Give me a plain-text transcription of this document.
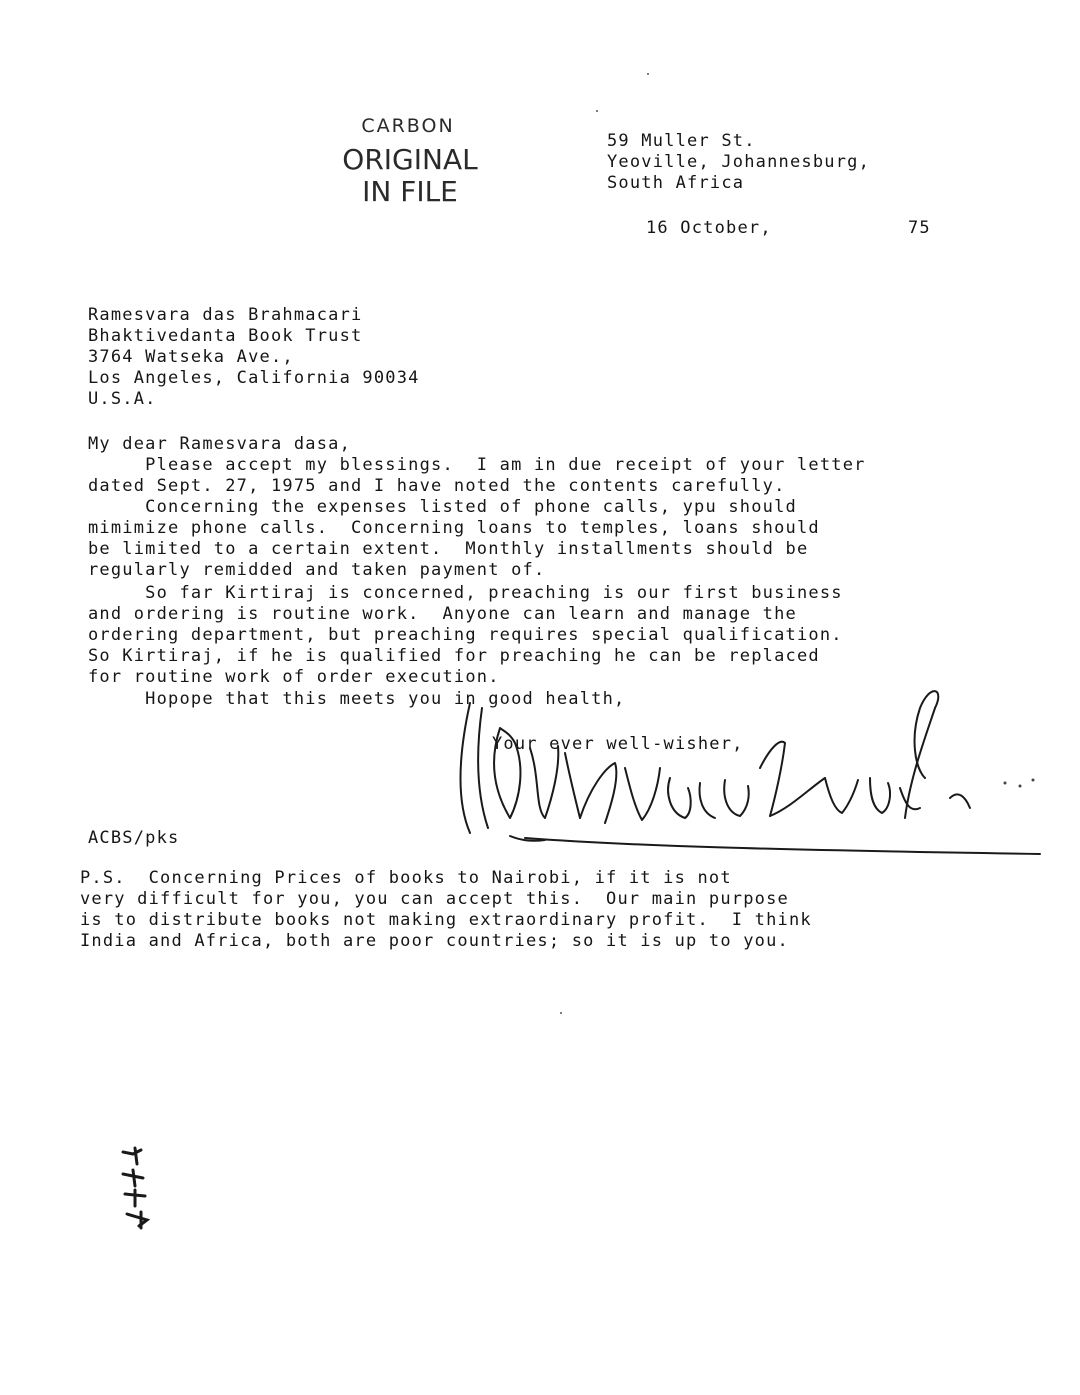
CARBON
ORIGINAL
IN FILE
59 Muller St.
Yeoville, Johannesburg,
South Africa
16 October,	75
Ramesvara das Brahmacari
Bhaktivedanta Book Trust
3764 Watseka Ave.,
Los Angeles, California 90034
U.S.A.
My dear Ramesvara dasa,
Please accept my blessings.  I am in due receipt of your letter
dated Sept. 27, 1975 and I have noted the contents carefully.
Concerning the expenses listed of phone calls, ypu should
mimimize phone calls.  Concerning loans to temples, loans should
be limited to a certain extent.  Monthly installments should be
regularly remidded and taken payment of.
So far Kirtiraj is concerned, preaching is our first business
and ordering is routine work.  Anyone can learn and manage the
ordering department, but preaching requires special qualification.
So Kirtiraj, if he is qualified for preaching he can be replaced
for routine work of order execution.
Hopope that this meets you in good health,
Your ever well-wisher,
ACBS/pks
P.S.  Concerning Prices of books to Nairobi, if it is not
very difficult for you, you can accept this.  Our main purpose
is to distribute books not making extraordinary profit.  I think
India and Africa, both are poor countries; so it is up to you.
